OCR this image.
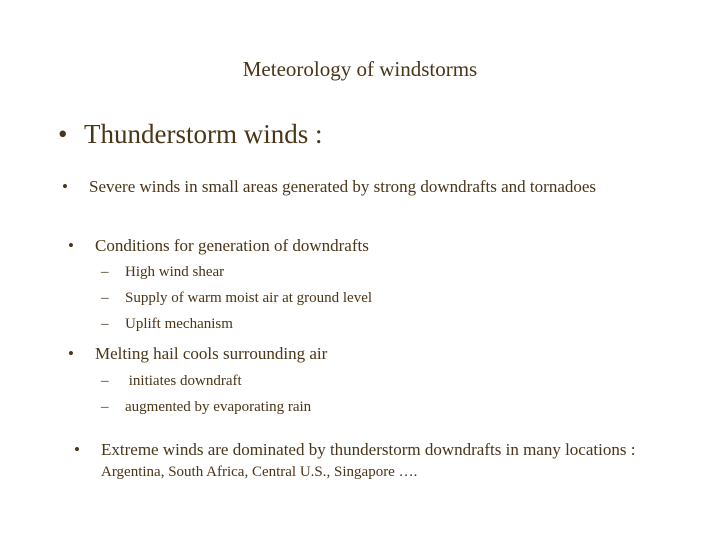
Meteorology of windstorms
• Thunderstorm winds :
• Severe winds in small areas generated by strong downdrafts and tornadoes
• Conditions for generation of downdrafts
– High wind shear
– Supply of warm moist air at ground level
– Uplift mechanism
• Melting hail cools surrounding air
– initiates downdraft
– augmented by evaporating rain
• Extreme winds are dominated by thunderstorm downdrafts in many locations : Argentina, South Africa, Central U.S., Singapore ….
